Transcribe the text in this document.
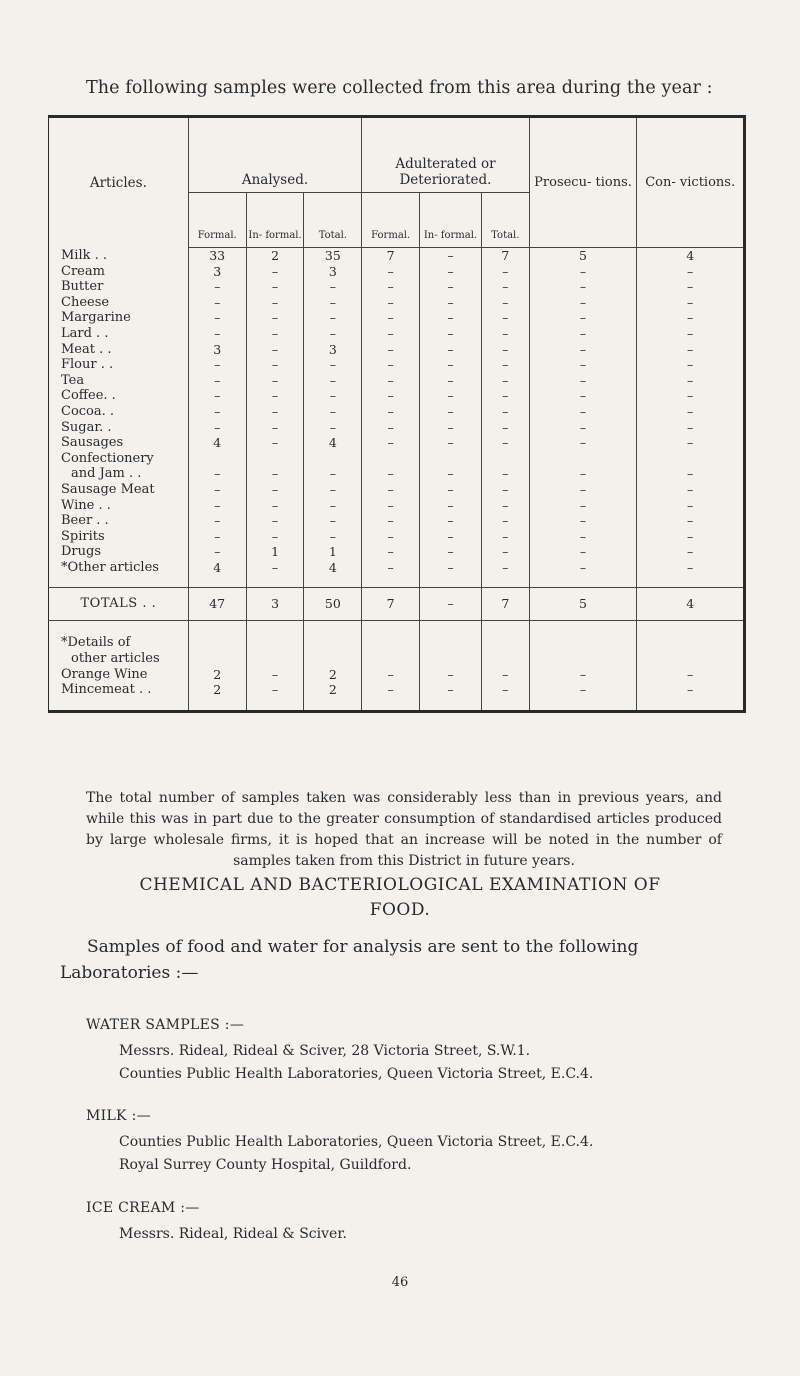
The following samples were collected from this area during the year :
Articles.	Analysed.			Adulterated or Deteriorated.			Prosecu- tions.	Con- victions.
	Formal.	In- formal.	Total.	Formal.	In- formal.	Total.		
Milk . .	33	2	35	7	–	7	5	4
Cream	3	–	3	–	–	–	–	–
Butter	–	–	–	–	–	–	–	–
Cheese	–	–	–	–	–	–	–	–
Margarine	–	–	–	–	–	–	–	–
Lard . .	–	–	–	–	–	–	–	–
Meat . .	3	–	3	–	–	–	–	–
Flour . .	–	–	–	–	–	–	–	–
Tea	–	–	–	–	–	–	–	–
Coffee. .	–	–	–	–	–	–	–	–
Cocoa. .	–	–	–	–	–	–	–	–
Sugar. .	–	–	–	–	–	–	–	–
Sausages	4	–	4	–	–	–	–	–
Confectionery								
and Jam . .	–	–	–	–	–	–	–	–
Sausage Meat	–	–	–	–	–	–	–	–
Wine . .	–	–	–	–	–	–	–	–
Beer . .	–	–	–	–	–	–	–	–
Spirits	–	–	–	–	–	–	–	–
Drugs	–	1	1	–	–	–	–	–
*Other articles	4	–	4	–	–	–	–	–

TOTALS . .	47	3	50	7	–	7	5	4

*Details of								
other articles								
Orange Wine	2	–	2	–	–	–	–	–
Mincemeat . .	2	–	2	–	–	–	–	–

The total number of samples taken was considerably less than in previous years, and while this was in part due to the greater consumption of standardised articles produced by large wholesale firms, it is hoped that an increase will be noted in the number of samples taken from this District in future years.
CHEMICAL AND BACTERIOLOGICAL EXAMINATION OF
FOOD.
Samples of food and water for analysis are sent to the following
Laboratories :—
WATER SAMPLES :—
Messrs. Rideal, Rideal & Sciver, 28 Victoria Street, S.W.1.
Counties Public Health Laboratories, Queen Victoria Street, E.C.4.
MILK :—
Counties Public Health Laboratories, Queen Victoria Street, E.C.4.
Royal Surrey County Hospital, Guildford.
ICE CREAM :—
Messrs. Rideal, Rideal & Sciver.
46
